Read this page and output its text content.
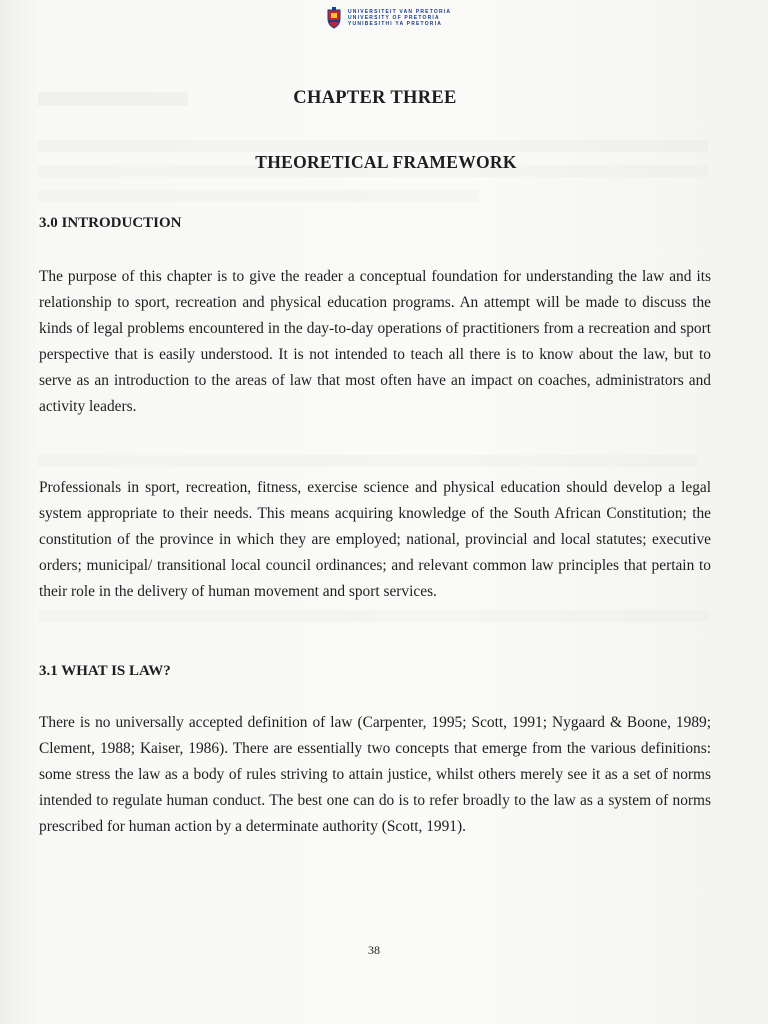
UNIVERSITEIT VAN PRETORIA
UNIVERSITY OF PRETORIA
YUNIBESITHI YA PRETORIA
CHAPTER THREE
THEORETICAL FRAMEWORK
3.0 INTRODUCTION

The purpose of this chapter is to give the reader a conceptual foundation for understanding the law and its relationship to sport, recreation and physical education programs. An attempt will be made to discuss the kinds of legal problems encountered in the day-to-day operations of practitioners from a recreation and sport perspective that is easily understood. It is not intended to teach all there is to know about the law, but to serve as an introduction to the areas of law that most often have an impact on coaches, administrators and activity leaders.

Professionals in sport, recreation, fitness, exercise science and physical education should develop a legal system appropriate to their needs. This means acquiring knowledge of the South African Constitution; the constitution of the province in which they are employed; national, provincial and local statutes; executive orders; municipal/ transitional local council ordinances; and relevant common law principles that pertain to their role in the delivery of human movement and sport services.

3.1 WHAT IS LAW?

There is no universally accepted definition of law (Carpenter, 1995; Scott, 1991; Nygaard & Boone, 1989; Clement, 1988; Kaiser, 1986). There are essentially two concepts that emerge from the various definitions: some stress the law as a body of rules striving to attain justice, whilst others merely see it as a set of norms intended to regulate human conduct. The best one can do is to refer broadly to the law as a system of norms prescribed for human action by a determinate authority (Scott, 1991).

38
